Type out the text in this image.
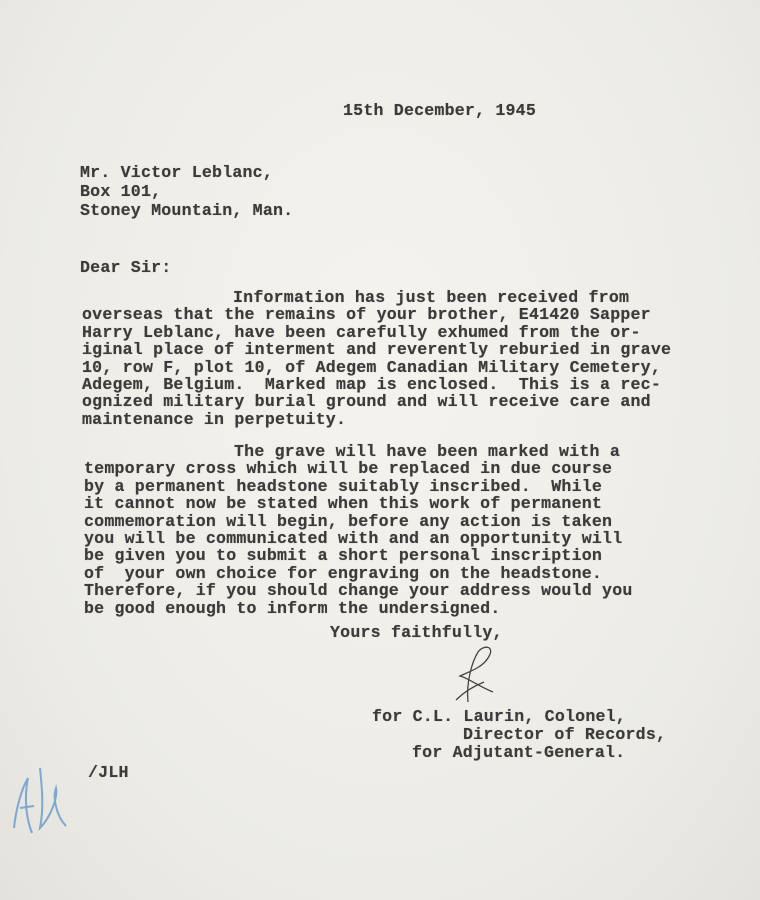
15th December, 1945
Mr. Victor Leblanc,
Box 101,
Stoney Mountain, Man.
Dear Sir:
Information has just been received from
overseas that the remains of your brother, E41420 Sapper
Harry Leblanc, have been carefully exhumed from the or-
iginal place of interment and reverently reburied in grave
10, row F, plot 10, of Adegem Canadian Military Cemetery,
Adegem, Belgium.  Marked map is enclosed.  This is a rec-
ognized military burial ground and will receive care and
maintenance in perpetuity.
The grave will have been marked with a
temporary cross which will be replaced in due course
by a permanent headstone suitably inscribed.  While
it cannot now be stated when this work of permanent
commemoration will begin, before any action is taken
you will be communicated with and an opportunity will
be given you to submit a short personal inscription
of  your own choice for engraving on the headstone.
Therefore, if you should change your address would you
be good enough to inform the undersigned.
Yours faithfully,
for C.L. Laurin, Colonel,
Director of Records,
for Adjutant-General.
/JLH
